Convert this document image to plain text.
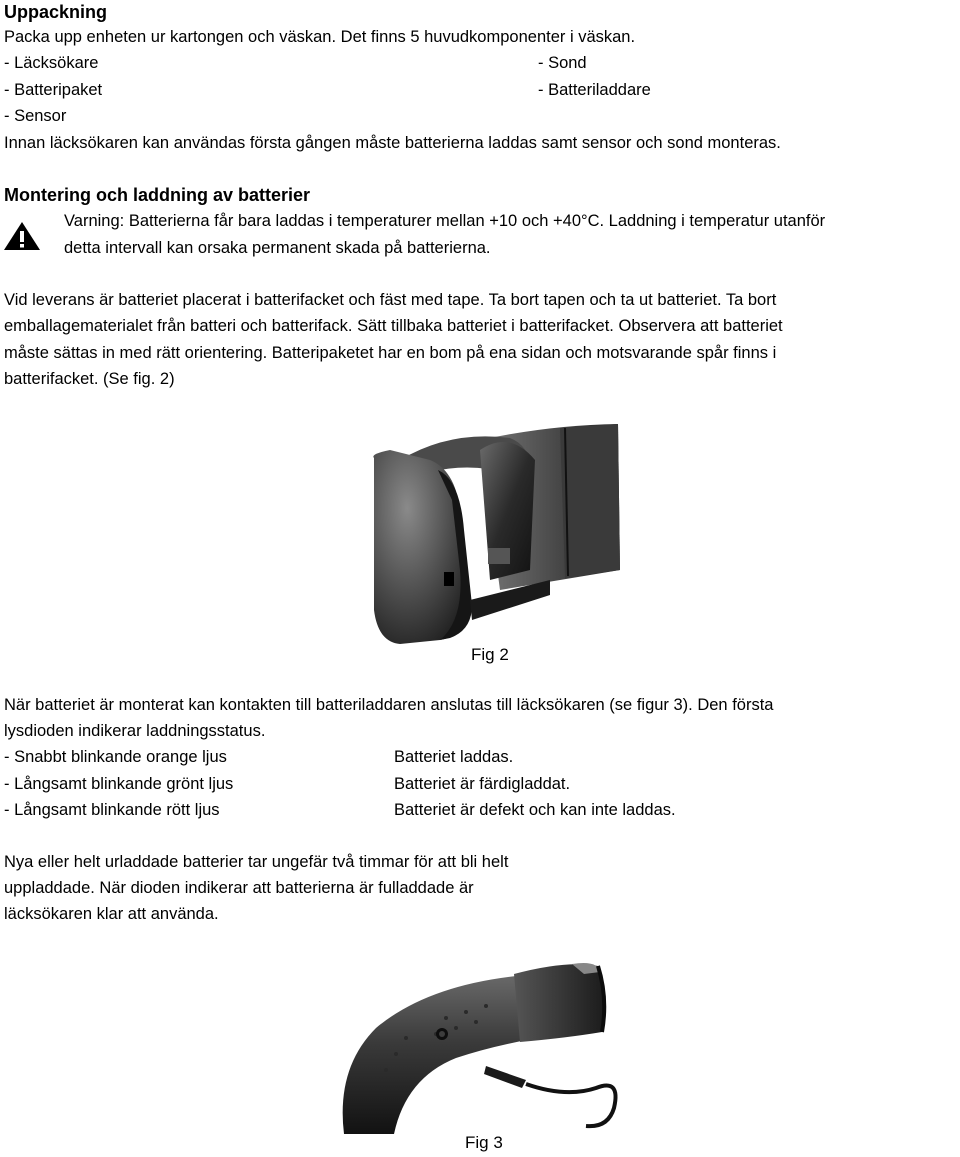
Uppackning
Packa upp enheten ur kartongen och väskan. Det finns 5 huvudkomponenter i väskan.
- Läcksökare	- Sond
- Batteripaket	- Batteriladdare
- Sensor
Innan läcksökaren kan användas första gången måste batterierna laddas samt sensor och sond monteras.
Montering och laddning av batterier
Varning: Batterierna får bara laddas i temperaturer mellan +10 och +40°C. Laddning i temperatur utanför
detta intervall kan orsaka permanent skada på batterierna.
Vid leverans är batteriet placerat i batterifacket och fäst med tape. Ta bort tapen och ta ut batteriet. Ta bort
emballagematerialet från batteri och batterifack. Sätt tillbaka batteriet i batterifacket. Observera att batteriet
måste sättas in med rätt orientering. Batteripaketet har en bom på ena sidan och motsvarande spår finns i
batterifacket. (Se fig. 2)
Fig 2
När batteriet är monterat kan kontakten till batteriladdaren anslutas till läcksökaren (se figur 3). Den första
lysdioden indikerar laddningsstatus.
- Snabbt blinkande orange ljus	Batteriet laddas.
- Långsamt blinkande grönt ljus	Batteriet är färdigladdat.
- Långsamt blinkande rött ljus	Batteriet är defekt och kan inte laddas.
Nya eller helt urladdade batterier tar ungefär två timmar för att bli helt
uppladdade. När dioden indikerar att batterierna är fulladdade är
läcksökaren klar att använda.
Fig 3
